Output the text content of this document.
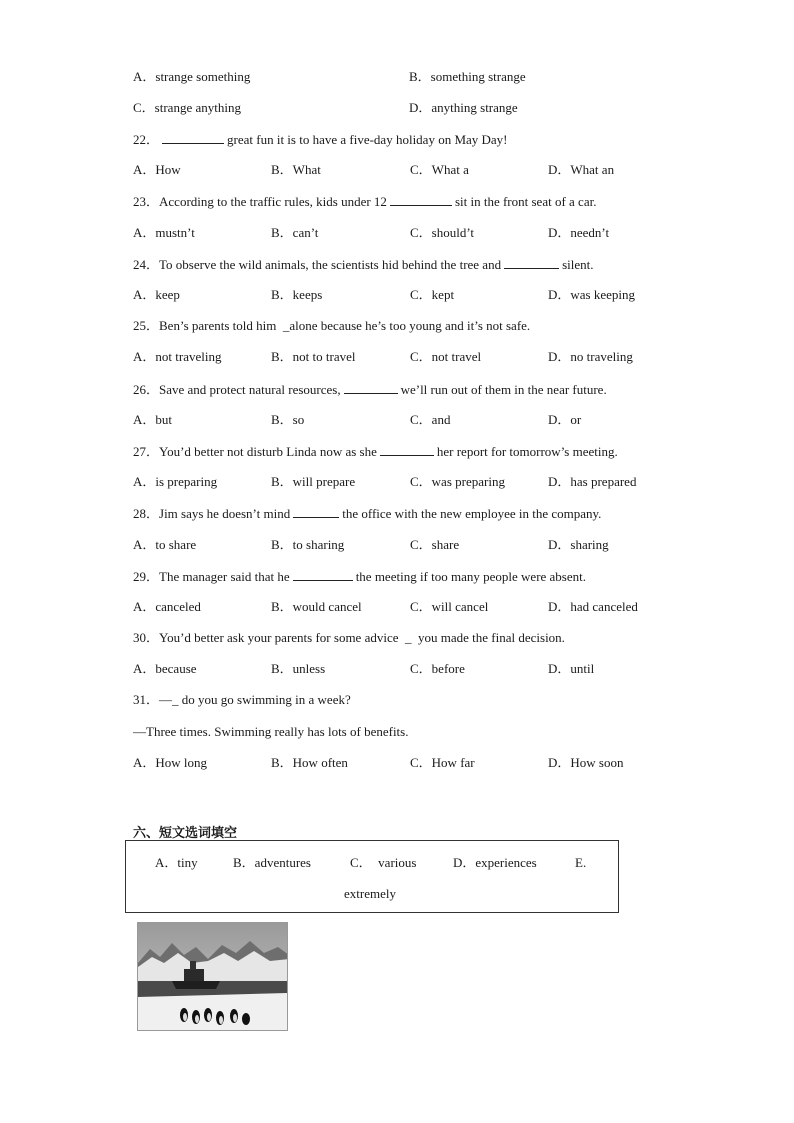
A．strange something	B．something strange
C．strange anything	D．anything strange
22．	great fun it is to have a five-day holiday on May Day!
A．How	B．What	C．What a	D．What an
23．According to the traffic rules, kids under 12	sit in the front seat of a car.
A．mustn’t	B．can’t	C．should’t	D．needn’t
24．To observe the wild animals, the scientists hid behind the tree and	silent.
A．keep	B．keeps	C．kept	D．was keeping
25．Ben’s parents told him _alone because he’s too young and it’s not safe.
A．not traveling	B．not to travel	C．not travel	D．no traveling
26．Save and protect natural resources,	we’ll run out of them in the near future.
A．but	B．so	C．and	D．or
27．You’d better not disturb Linda now as she	her report for tomorrow’s meeting.
A．is preparing	B．will prepare	C．was preparing	D．has prepared
28．Jim says he doesn’t mind	the office with the new employee in the company.
A．to share	B．to sharing	C．share	D．sharing
29．The manager said that he	the meeting if too many people were absent.
A．canceled	B．would cancel	C．will cancel	D．had canceled
30．You’d better ask your parents for some advice  _  you made the final decision.
A．because	B．unless	C．before	D．until
31．—_ do you go swimming in a week?
—Three times. Swimming really has lots of benefits.
A．How long	B．How often	C．How far	D．How soon
六、短文选词填空
A．tiny	B．adventures	C． various	D．experiences	E.
extremely
